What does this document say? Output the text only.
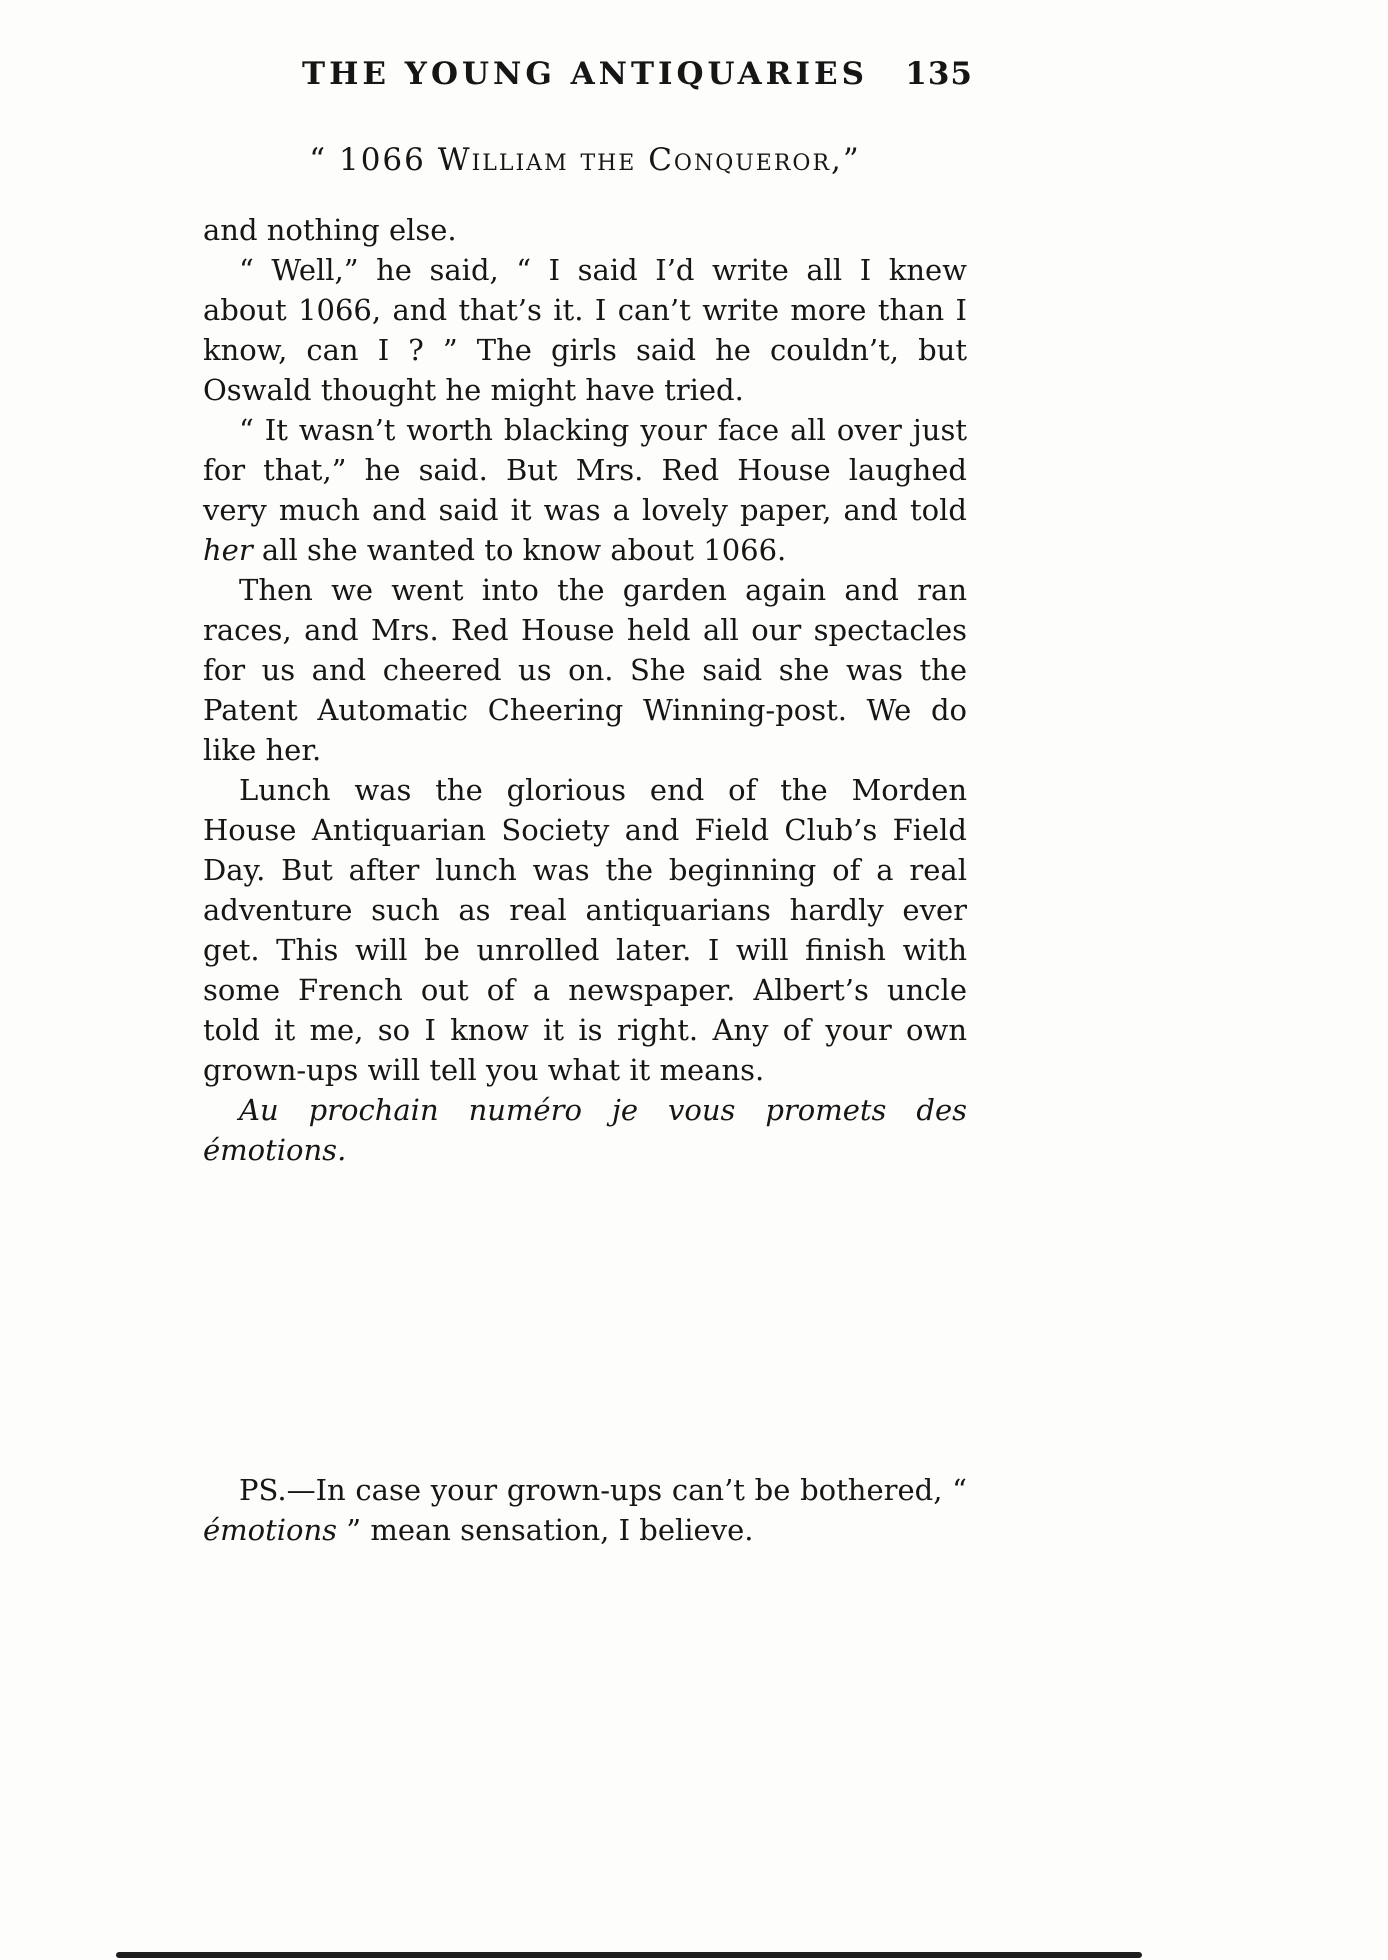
THE YOUNG ANTIQUARIES 135
“ 1066 William the Conqueror,”

and nothing else.

“ Well,” he said, “ I said I’d write all I knew about 1066, and that’s it. I can’t write more than I know, can I ? ” The girls said he couldn’t, but Oswald thought he might have tried.

“ It wasn’t worth blacking your face all over just for that,” he said. But Mrs. Red House laughed very much and said it was a lovely paper, and told her all she wanted to know about 1066.

Then we went into the garden again and ran races, and Mrs. Red House held all our spectacles for us and cheered us on. She said she was the Patent Automatic Cheering Winning-post. We do like her.

Lunch was the glorious end of the Morden House Antiquarian Society and Field Club’s Field Day. But after lunch was the beginning of a real adventure such as real antiquarians hardly ever get. This will be unrolled later. I will finish with some French out of a newspaper. Albert’s uncle told it me, so I know it is right. Any of your own grown-ups will tell you what it means.

Au prochain numéro je vous promets des émotions.

PS.—In case your grown-ups can’t be bothered, “ émotions ” mean sensation, I believe.
